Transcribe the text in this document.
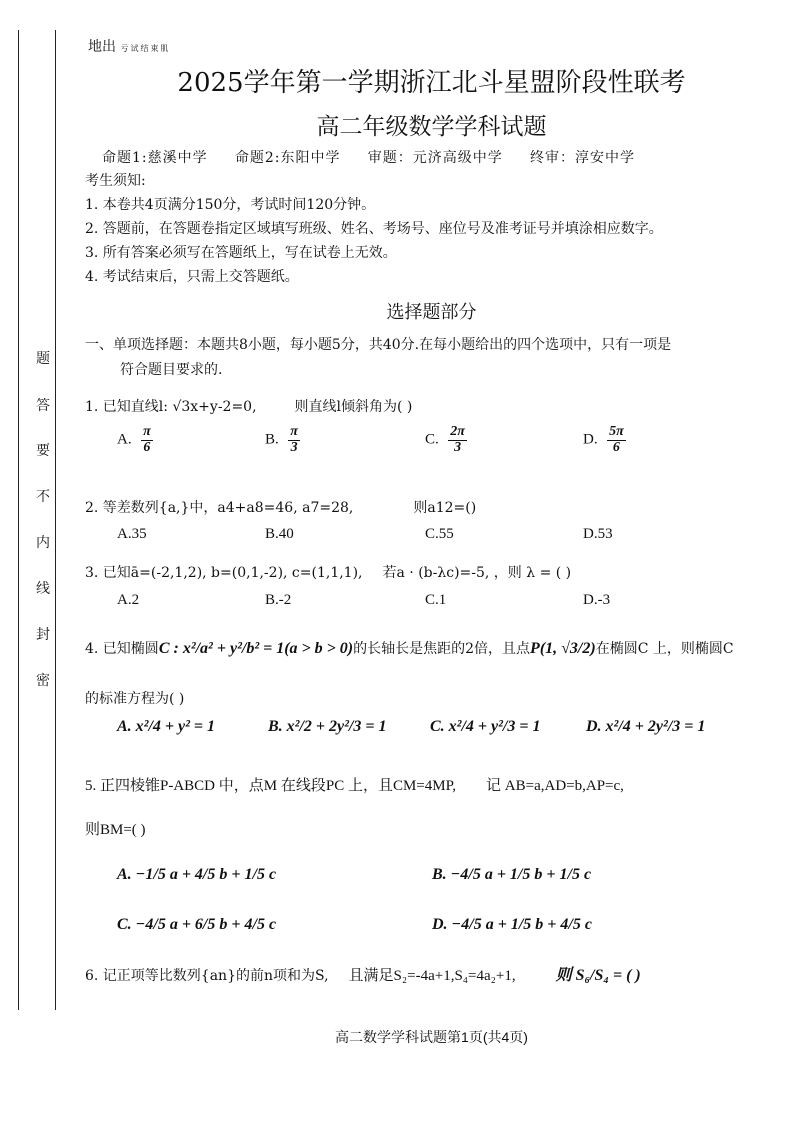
题
答
要
不
内
线
封
密
地出 亏试结束肌
2025学年第一学期浙江北斗星盟阶段性联考
高二年级数学学科试题
命题1:慈溪中学 命题2:东阳中学 审题：元济高级中学 终审：淳安中学
考生须知:
1. 本卷共4页满分150分，考试时间120分钟。
2. 答题前，在答题卷指定区域填写班级、姓名、考场号、座位号及准考证号并填涂相应数字。
3. 所有答案必须写在答题纸上，写在试卷上无效。
4. 考试结束后，只需上交答题纸。
选择题部分
一、单项选择题：本题共8小题，每小题5分，共40分.在每小题给出的四个选项中，只有一项是
符合题目要求的.
1. 已知直线l: √3x+y-2=0,	则直线l倾斜角为( )
A. $\frac{\pi}{6}$	B. $\frac{\pi}{3}$	C. $\frac{2\pi}{3}$	D. $\frac{5\pi}{6}$
2. 等差数列{a,}中，a4+a8=46, a7=28,	则a12=()
A.35	B.40	C.55	D.53
3. 已知ā=(-2,1,2), b=(0,1,-2), c=(1,1,1), 若a · (b-λc)=-5, ，则 λ = ( )
A.2	B.-2	C.1	D.-3
4. 已知椭圆C : x²/a² + y²/b² = 1(a > b > 0)的长轴长是焦距的2倍，且点P(1, √3/2)在椭圆C 上，则椭圆C
的标准方程为( )
A. x²/4 + y² = 1	B. x²/2 + 2y²/3 = 1	C. x²/4 + y²/3 = 1	D. x²/4 + 2y²/3 = 1
5. 正四棱锥P-ABCD 中，点M 在线段PC 上，且CM=4MP, 记 AB=a,AD=b,AP=c,
则BM=( )
A. −1/5 a + 4/5 b + 1/5 c	B. −4/5 a + 1/5 b + 1/5 c
C. −4/5 a + 6/5 b + 4/5 c	D. −4/5 a + 1/5 b + 4/5 c
6. 记正项等比数列{an}的前n项和为S, 且满足S₂=-4a+1,S₄=4a₂+1,	则 S₆/S₄ = ( )
高二数学学科试题第1页(共4页)
